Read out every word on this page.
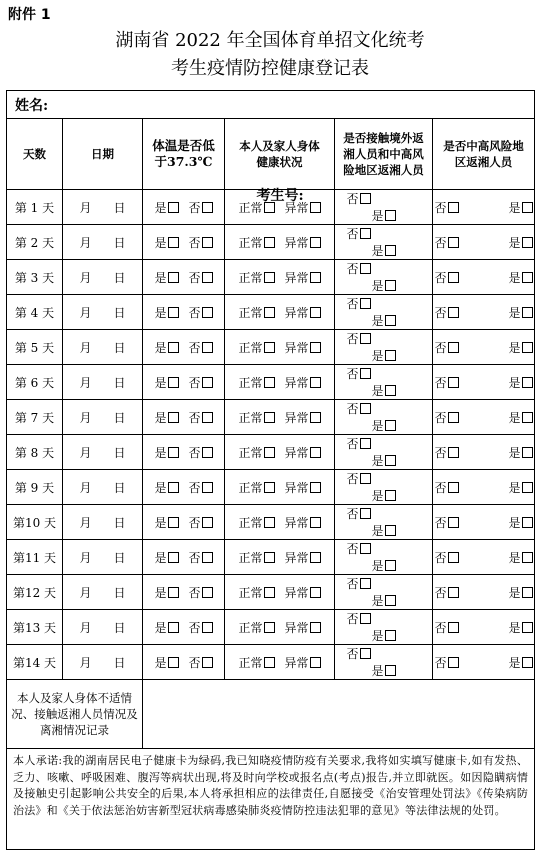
附件 1
湖南省 2022 年全国体育单招文化统考
考生疫情防控健康登记表
姓名:
考生号:					

天数	日期	体温是否低于37.3℃	本人及家人身体健康状况	是否接触境外返湘人员和中高风险地区返湘人员	是否中高风险地区返湘人员

第 1 天	月 日	是 否	正常 异常	否是	否 是
第 2 天	月 日	是 否	正常 异常	否是	否 是
第 3 天	月 日	是 否	正常 异常	否是	否 是
第 4 天	月 日	是 否	正常 异常	否是	否 是
第 5 天	月 日	是 否	正常 异常	否是	否 是
第 6 天	月 日	是 否	正常 异常	否是	否 是
第 7 天	月 日	是 否	正常 异常	否是	否 是
第 8 天	月 日	是 否	正常 异常	否是	否 是
第 9 天	月 日	是 否	正常 异常	否是	否 是
第10 天	月 日	是 否	正常 异常	否是	否 是
第11 天	月 日	是 否	正常 异常	否是	否 是
第12 天	月 日	是 否	正常 异常	否是	否 是
第13 天	月 日	是 否	正常 异常	否是	否 是
第14 天	月 日	是 否	正常 异常	否是	否 是
本人及家人身体不适情况、接触返湘人员情况及离湘情况记录					

本人承诺:我的湖南居民电子健康卡为绿码,我已知晓疫情防疫有关要求,我将如实填写健康卡,如有发热、乏力、咳嗽、呼吸困难、腹泻等病状出现,将及时向学校或报名点(考点)报告,并立即就医。如因隐瞒病情及接触史引起影响公共安全的后果,本人将承担相应的法律责任,自愿接受《治安管理处罚法》《传染病防治法》和《关于依法惩治妨害新型冠状病毒感染肺炎疫情防控违法犯罪的意见》等法律法规的处罚。					
